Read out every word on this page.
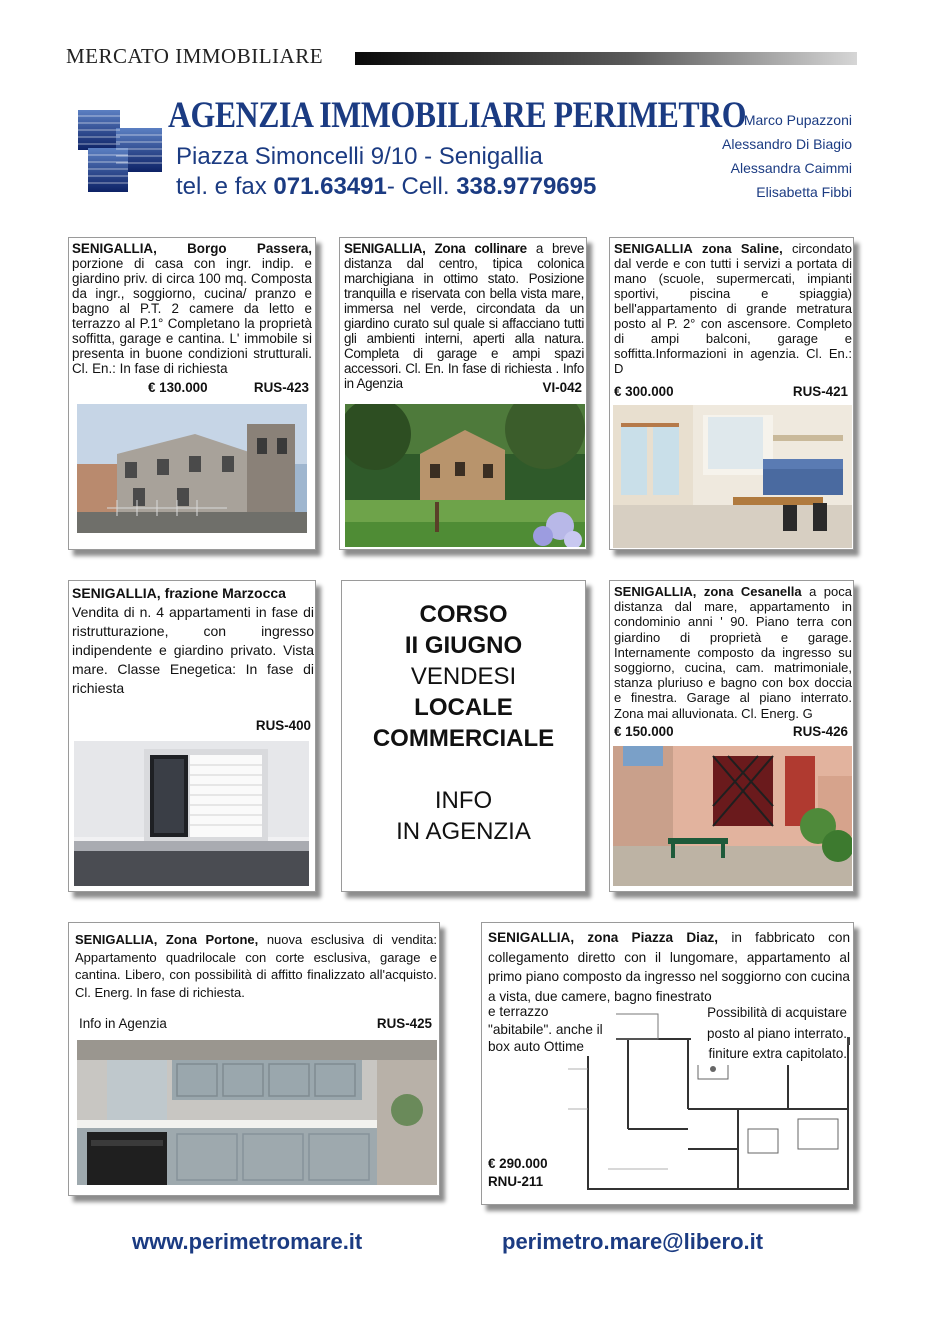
MERCATO IMMOBILIARE
AGENZIA IMMOBILIARE PERIMETRO
Piazza Simoncelli 9/10 - Senigallia
tel. e fax 071.63491- Cell. 338.9779695
Marco Pupazzoni
Alessandro Di Biagio
Alessandra Caimmi
Elisabetta Fibbi
SENIGALLIA, Borgo Passera, porzione di casa con ingr. indip. e giardino priv. di circa 100 mq. Composta da ingr., soggiorno, cucina/ pranzo e bagno al P.T. 2 camere da letto e terrazzo al P.1° Completano la proprietà soffitta, garage e cantina. L' immobile si presenta in buone condizioni strutturali. Cl. En.: In fase di richiesta
€ 130.000	RUS-423
SENIGALLIA, Zona collinare a breve distanza dal centro, tipica colonica marchigiana in ottimo stato. Posizione tranquilla e riservata con bella vista mare, immersa nel verde, circondata da un giardino curato sul quale si affacciano tutti gli ambienti interni, aperti alla natura. Completa di garage e ampi spazi accessori. Cl. En. In fase di richiesta . Info in Agenzia	VI-042
SENIGALLIA zona Saline, circondato dal verde e con tutti i servizi a portata di mano (scuole, supermercati, impianti sportivi, piscina e spiaggia) bell'appartamento di grande metratura posto al P. 2° con ascensore. Completo di ampi balconi, garage e soffitta.Informazioni in agenzia. Cl. En.: D
€ 300.000	RUS-421
SENIGALLIA, frazione Marzocca
Vendita di n. 4 appartamenti in fase di ristrutturazione, con ingresso indipendente e giardino privato. Vista mare. Classe Enegetica: In fase di richiesta
RUS-400
CORSO
II GIUGNO
VENDESI
LOCALE
COMMERCIALE
INFO
IN AGENZIA
SENIGALLIA, zona Cesanella a poca distanza dal mare, appartamento in condominio anni ' 90. Piano terra con giardino di proprietà e garage. Internamente composto da ingresso su soggiorno, cucina, cam. matrimoniale, stanza pluriuso e bagno con box doccia e finestra. Garage al piano interrato. Zona mai alluvionata. Cl. Energ. G
€ 150.000	RUS-426
SENIGALLIA, Zona Portone, nuova esclusiva di vendita: Appartamento quadrilocale con corte esclusiva, garage e cantina. Libero, con possibilità di affitto finalizzato all'acquisto. Cl. Energ. In fase di richiesta.
Info in Agenzia	RUS-425
SENIGALLIA, zona Piazza Diaz, in fabbricato con collegamento diretto con il lungomare, appartamento al primo piano composto da ingresso nel soggiorno con cucina a vista, due camere, bagno finestrato
e terrazzo "abitabile". anche il box auto Ottime
Possibilità di acquistare posto al piano interrato. finiture extra capitolato.
€ 290.000
RNU-211
www.perimetromare.it	perimetro.mare@libero.it
